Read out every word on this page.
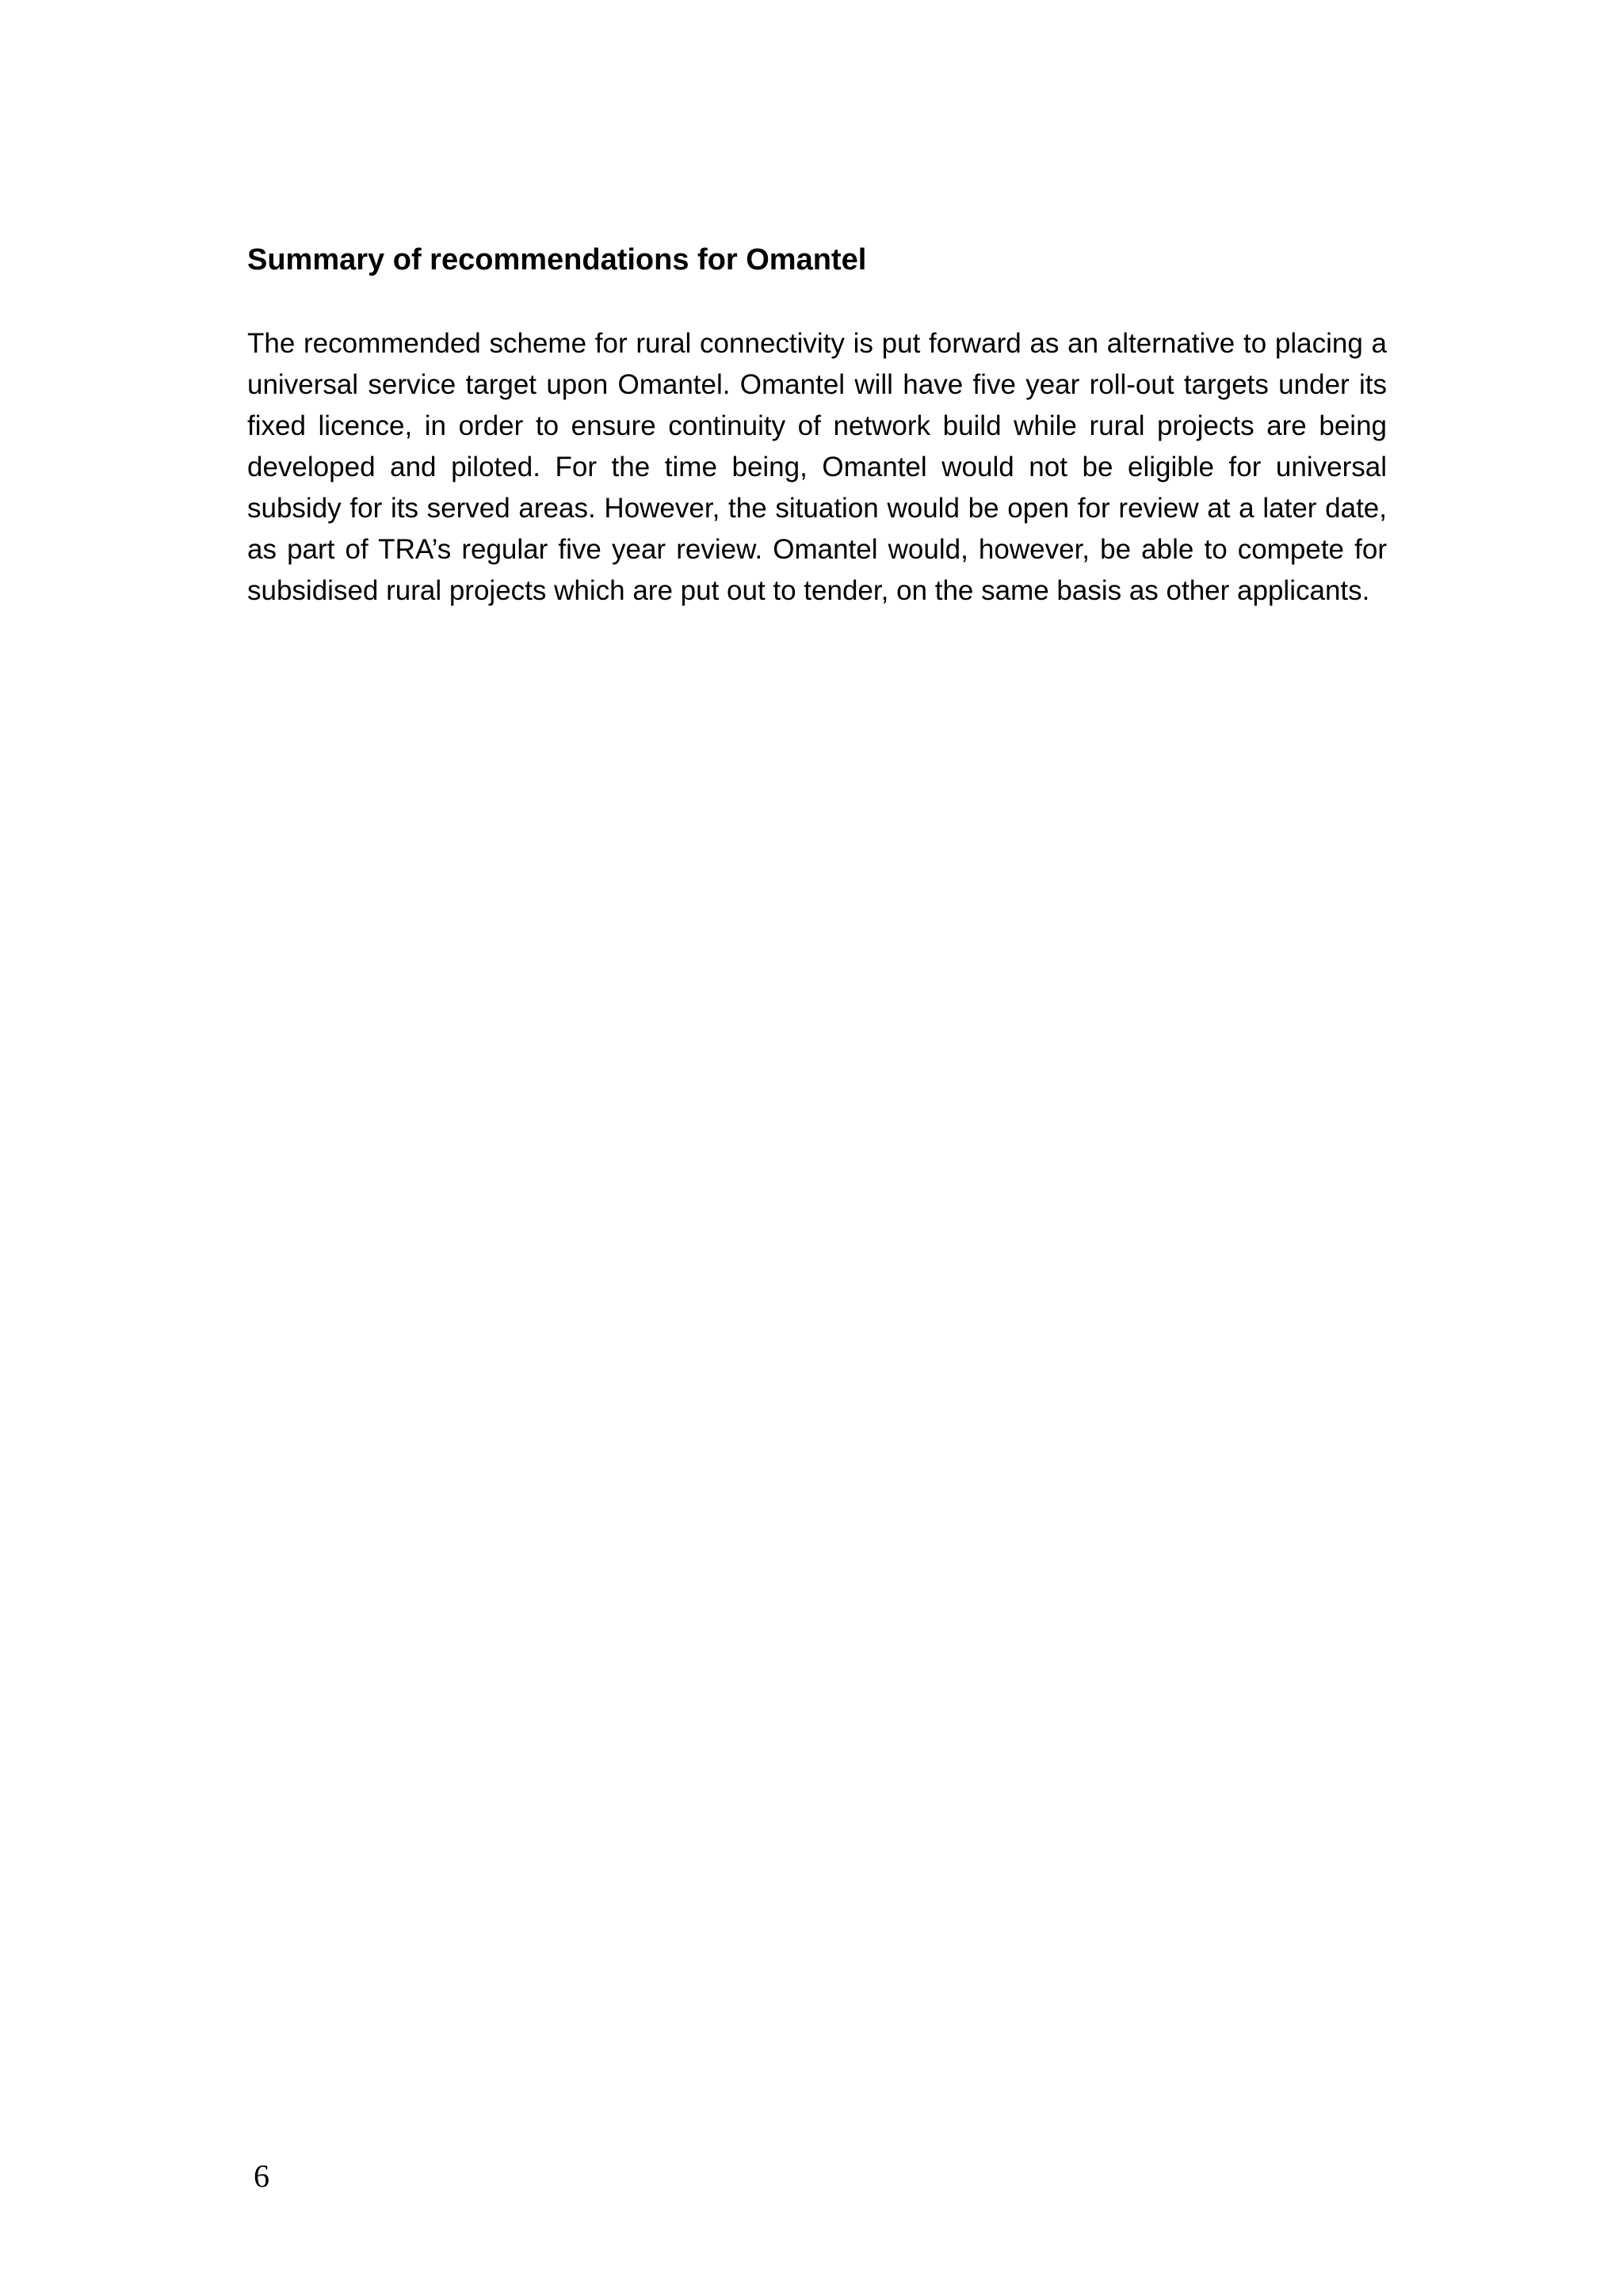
Summary of recommendations for Omantel

The recommended scheme for rural connectivity is put forward as an alternative to placing a universal service target upon Omantel. Omantel will have five year roll-out targets under its fixed licence, in order to ensure continuity of network build while rural projects are being developed and piloted. For the time being, Omantel would not be eligible for universal subsidy for its served areas. However, the situation would be open for review at a later date, as part of TRA’s regular five year review. Omantel would, however, be able to compete for subsidised rural projects which are put out to tender, on the same basis as other applicants.

6
